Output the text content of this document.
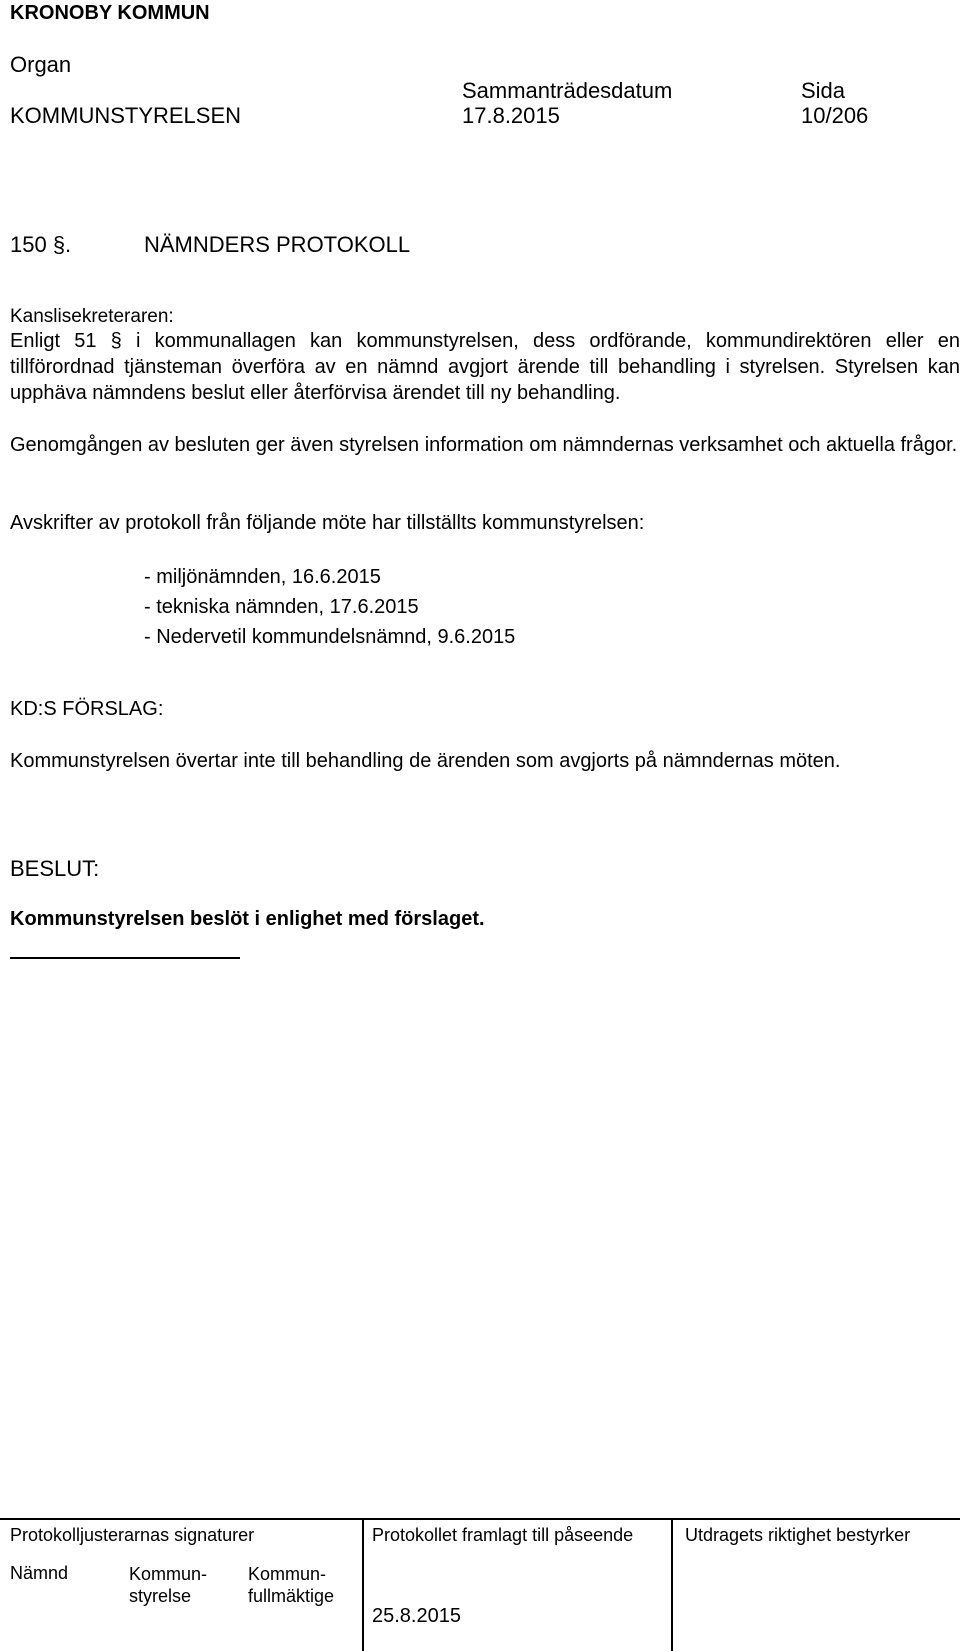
KRONOBY KOMMUN
Organ
KOMMUNSTYRELSEN
Sammanträdesdatum
17.8.2015
Sida
10/206
150 §.	NÄMNDERS PROTOKOLL
Kanslisekreteraren:
Enligt 51 § i kommunallagen kan kommunstyrelsen, dess ordförande, kommundirektören eller en tillförordnad tjänsteman överföra av en nämnd avgjort ärende till behandling i styrelsen. Styrelsen kan upphäva nämndens beslut eller återförvisa ärendet till ny behandling.
Genomgången av besluten ger även styrelsen information om nämndernas verksamhet och aktuella frågor.
Avskrifter av protokoll från följande möte har tillställts kommunstyrelsen:
- miljönämnden, 16.6.2015
- tekniska nämnden, 17.6.2015
- Nedervetil kommundelsnämnd, 9.6.2015
KD:S FÖRSLAG:
Kommunstyrelsen övertar inte till behandling de ärenden som avgjorts på nämndernas möten.
BESLUT:
Kommunstyrelsen beslöt i enlighet med förslaget.
Protokolljusterarnas signaturer
Nämnd	Kommun-
styrelse
Kommun-
fullmäktige
Protokollet framlagt till påseende
25.8.2015
Utdragets riktighet bestyrker
